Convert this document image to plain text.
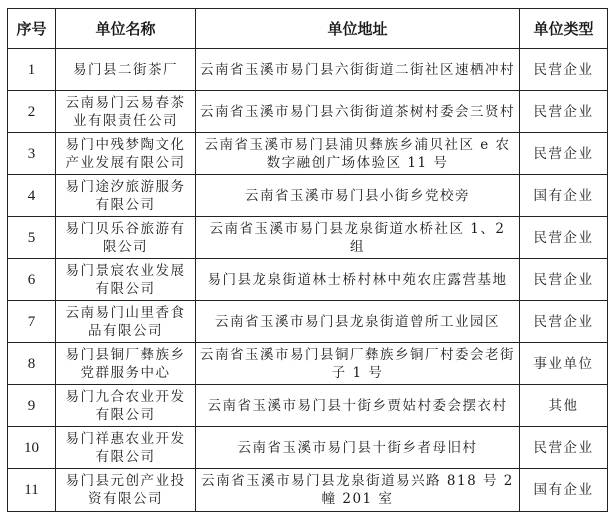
序号	单位名称	单位地址	单位类型
1	易门县二街茶厂	云南省玉溪市易门县六街街道二街社区速栖冲村	民营企业
2	云南易门云易春茶业有限责任公司	云南省玉溪市易门县六街街道茶树村委会三贤村	民营企业
3	易门中残梦陶文化产业发展有限公司	云南省玉溪市易门县浦贝彝族乡浦贝社区 e 农数字融创广场体验区 11 号	民营企业
4	易门途汐旅游服务有限公司	云南省玉溪市易门县小街乡党校旁	国有企业
5	易门贝乐谷旅游有限公司	云南省玉溪市易门县龙泉街道水桥社区 1、2 组	民营企业
6	易门景宸农业发展有限公司	易门县龙泉街道林士桥村林中苑农庄露营基地	民营企业
7	云南易门山里香食品有限公司	云南省玉溪市易门县龙泉街道曾所工业园区	民营企业
8	易门县铜厂彝族乡党群服务中心	云南省玉溪市易门县铜厂彝族乡铜厂村委会老街子 1 号	事业单位
9	易门九合农业开发有限公司	云南省玉溪市易门县十街乡贾姑村委会摆衣村	其他
10	易门祥惠农业开发有限公司	云南省玉溪市易门县十街乡者母旧村	民营企业
11	易门县元创产业投资有限公司	云南省玉溪市易门县龙泉街道易兴路 818 号 2 幢 201 室	国有企业
